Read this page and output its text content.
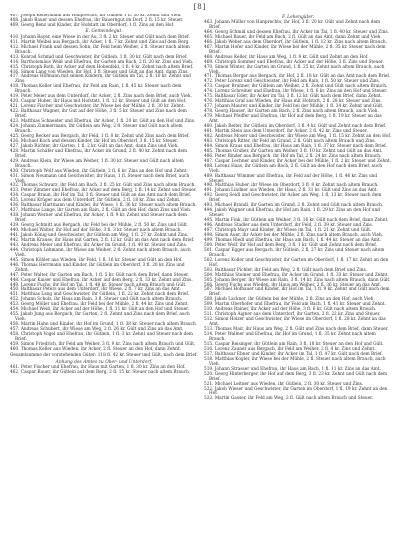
[8]

407. Joseph Kellermann aus Hanprechts, ihr Gulden 1 fl. 30 kr. Zehnt und Vieh.

408. Jakob Bauer und dessen Ehefrau, ihr Bauerngut im Dorf, 2 fl. 15 kr. Steuer.

409. Georg Benz und Kinder, ihr Hofstatt im Oberdorf, 1 fl. Zins an den Hof.

E. Gemeindegut.

410. Johann Bayer, eine Wiese in der Au, 3 fl. 2 kr. Steuer und Gült nach dem Brief.

411. Martin Weibel aus Bergach, ihr Acker, 1 fl. 7 kr. Zehnt und Zins auf dem Berg.

412. Michael Frank und dessen Sohn, ihr Feld beim Weiher, 2 fl. Steuer nach altem Brauch.

413. Konrad Schmid und Geschwister, ihr Gütlein, 1 fl. 30 kr. Gült nach dem Brief.

414. Bartholomäus Weiß und Ehefrau, ihr Garten am Bach, 2 fl. 20 kr. Zins und Vieh.

415. Christoph Roth, ihr Acker auf dem Hohenfeld, 1 fl. 4 kr. Zehnt nach altem Brief.

416. Simon Lang von Wieden, ihr Hof, 3 fl. Steuer und Gült an das Amt, dann Zins.

417. Andreas Hofmann mit seinen Kindern, ihr Gütlein im Tal, 2 fl. 10 kr. Zehnt und Zins.

418. Thomas Keller und Ehefrau, ihr Feld am Rain, 1 fl. 45 kr. Steuer nach dem Brauch.

419. Peter Meier aus dem Unterdorf, ihr Acker, 2 fl. Zins nach dem Brief, auch Vieh.

420. Caspar Huber, ihr Haus mit Hofstatt, 1 fl. 12 kr. Steuer und Gült an den Hof.

421. Lorenz Fischer und Geschwister, ihr Wiese bei der Mühle, 2 fl. 30 kr. Zehnt.

422. Balthasar Wagner, ihr Gut auf der Höhe, 3 fl. 5 kr. Steuer und Zins nach dem Brief.

423. Matthias Schneider und Ehefrau, ihr Acker, 1 fl. 20 kr. Gült an den Hof und Zins.

424. Johann Zimmermann, ihr Gütlein am Weg, 2 fl. Steuer und Gült nach altem Brauch.

425. Georg Becker aus Bergach, ihr Feld, 1 fl. 8 kr. Zehnt und Zins nach dem Brief.

426. Michael Koch und dessen Kinder, ihr Hof im Oberdorf, 3 fl. 15 kr. Steuer.

427. Jakob Richter, ihr Garten, 1 fl. 2 kr. Gült an das Amt, dann Zins und Vieh.

428. Martin Schäfer und Ehefrau, ihr Acker im Grund, 2 fl. 40 kr. Zehnt nach dem Brief.

429. Andreas Klein, ihr Wiese am Weiher, 1 fl. 30 kr. Steuer und Gült nach altem Brauch.

430. Christoph Wolf aus Wieden, ihr Gütlein, 2 fl. 6 kr. Zins an den Hof und Zehnt.

431. Simon Neumann und Geschwister, ihr Haus, 1 fl. Steuer nach dem Brief, auch Vieh.

432. Thomas Schwarz, ihr Feld am Bach, 2 fl. 25 kr. Gült und Zins nach altem Brauch.

433. Peter Zimmer und Ehefrau, ihr Acker auf dem Berg, 1 fl. 14 kr. Zehnt und Steuer.

434. Caspar Braun, ihr Hof im Tal, 3 fl. Steuer und Gült an das Amt nach dem Brief.

435. Lorenz Krüger aus dem Unterdorf, ihr Gütlein, 2 fl. 18 kr. Zins und Zehnt.

436. Balthasar Hartmann und Kinder, ihr Wiese, 1 fl. 36 kr. Steuer nach altem Brauch.

437. Matthias Lange, ihr Garten am Rain, 2 fl. Gült an den Hof, dann Zins und Vieh.

438. Johann Werner und Ehefrau, ihr Acker, 1 fl. 9 kr. Zehnt und Steuer nach dem Brief.

439. Georg Schmitt aus Bergach, ihr Feld bei der Mühle, 2 fl. 50 kr. Zins und Gült.

440. Michael Walter, ihr Hof auf der Höhe, 3 fl. 3 kr. Steuer nach altem Brauch.

441. Jakob König und Geschwister, ihr Gütlein am Weg, 1 fl. 27 kr. Zehnt und Zins.

442. Martin Krause, ihr Haus mit Garten, 2 fl. 12 kr. Gült an das Amt nach dem Brief.

443. Andreas Meier und Ehefrau, ihr Acker im Grund, 1 fl. 40 kr. Steuer und Zins.

444. Christoph Lehmann, ihr Wiese am Weiher, 2 fl. Zehnt nach altem Brauch, auch Vieh.

445. Simon Köhler aus Wieden, ihr Feld, 1 fl. 16 kr. Steuer und Gült an den Hof.

446. Thomas Herrmann und Kinder, ihr Gütlein im Oberdorf, 3 fl. 20 kr. Zins und Zehnt.

447. Peter Walter, ihr Garten am Bach, 1 fl. 5 kr. Gült nach dem Brief, dann Steuer.

448. Caspar Kaiser und Ehefrau, ihr Acker auf dem Berg, 2 fl. 33 kr. Zehnt und Zins.

449. Lorenz Fuchs, ihr Hof im Tal, 1 fl. 48 kr. Steuer nach altem Brauch und Gült.

450. Balthasar Peters aus dem Unterdorf, ihr Wiese, 2 fl. 7 kr. Zins an das Amt.

451. Matthias Lang und Geschwister, ihr Gütlein, 1 fl. 22 kr. Zehnt nach dem Brief.

452. Johann Scholz, ihr Haus am Rain, 3 fl. Steuer und Gült nach altem Brauch.

453. Georg Möller und Ehefrau, ihr Feld bei der Mühle, 2 fl. 44 kr. Zins und Zehnt.

454. Michael Weiß, ihr Acker auf der Höhe, 1 fl. 11 kr. Gült an den Hof und Steuer.

455. Jakob Jung aus Bergach, ihr Garten, 2 fl. Zehnt und Zins nach dem Brief, auch Vieh.

456. Martin Hahn und Kinder, ihr Hof im Grund, 1 fl. 38 kr. Steuer nach altem Brauch.

457. Andreas Schubert, ihr Wiese am Weg, 2 fl. 26 kr. Gült und Zins an das Amt.

458. Christoph Vogel und Ehefrau, ihr Gütlein, 1 fl. 3 kr. Zehnt und Steuer nach dem Brief.

459. Simon Friedrich, ihr Feld am Weiher, 3 fl. 9 kr. Zins nach altem Brauch und Gült.

460. Thomas Keller aus Wieden, ihr Acker, 2 fl. Steuer an den Hof, dann Zehnt.

Gesamtsumme der vorstehenden Güter: 118 fl. 42 kr. Steuer und Gült, nach dem Brief.

Anhang des Amtes zu Ober- und Unterdorf.

461. Peter Fischer und Ehefrau, ihr Haus mit Garten, 1 fl. 30 kr. Zins an den Hof.

462. Caspar Bauer, ihr Gütlein auf dem Berg, 2 fl. 15 kr. Steuer nach altem Brauch.

F. Lehengüter.

463. Johann Müller von Hanprechts, ihr Hof, 3 fl. 20 kr. Gült und Zehnt nach dem Brief.

464. Georg Schmid und dessen Ehefrau, ihr Acker im Tal, 1 fl. 40 kr. Steuer und Zins.

465. Michael Bauer, ihr Feld am Bach, 2 fl. Gült an das Amt, dann Zehnt und Vieh.

466. Jakob Weber aus dem Oberdorf, ihr Gütlein, 1 fl. 12 kr. Zins nach altem Brauch.

467. Martin Hofer und Kinder, ihr Wiese bei der Mühle, 2 fl. 35 kr. Steuer nach dem Brief.

468. Andreas Keller, ihr Haus am Weg, 1 fl. 8 kr. Gült und Zehnt an den Hof.

469. Christoph Sommer und Ehefrau, ihr Acker auf der Höhe, 3 fl. Zins und Steuer.

470. Simon Winter, ihr Garten im Grund, 1 fl. 25 kr. Zehnt nach altem Brauch, auch Vieh.

471. Thomas Berger aus Bergach, ihr Hof, 2 fl. 18 kr. Gült an das Amt nach dem Brief.

472. Peter Lorenz und Geschwister, ihr Feld am Rain, 1 fl. 50 kr. Steuer und Zins.

473. Caspar Brunner, ihr Gütlein am Weiher, 2 fl. Zehnt und Gült nach altem Brauch.

474. Lorenz Schreiner und Ehefrau, ihr Wiese, 1 fl. 6 kr. Zins an den Hof und Steuer.

475. Balthasar Eder, ihr Acker im Tal, 3 fl. 12 kr. Gült nach dem Brief, dann Zehnt.

476. Matthias Graf aus Wieden, ihr Haus mit Hofstatt, 2 fl. 28 kr. Steuer und Zins.

477. Johann Maurer und Kinder, ihr Feld bei der Mühle, 1 fl. 34 kr. Zehnt und Gült.

478. Georg Hauser, ihr Garten am Bach, 2 fl. Zins nach altem Brauch, auch Vieh.

479. Michael Pfeiffer und Ehefrau, ihr Hof auf dem Berg, 1 fl. 19 kr. Steuer an das Amt.

480. Jakob Reiter, ihr Gütlein im Oberdorf, 3 fl. 4 kr. Gült und Zehnt nach dem Brief.

481. Martin Stein aus dem Unterdorf, ihr Acker, 2 fl. 42 kr. Zins und Steuer.

482. Andreas Moser und Geschwister, ihr Wiese am Weg, 1 fl. 15 kr. Zehnt an den Hof.

483. Christoph Ritter, ihr Feld im Grund, 2 fl. Gült nach altem Brauch und Zins.

484. Simon Kraus und Ehefrau, ihr Haus am Rain, 1 fl. 37 kr. Steuer nach dem Brief.

485. Thomas Gruber, ihr Garten am Weiher, 3 fl. 10 kr. Zehnt und Gült an das Amt.

486. Peter Binder aus Bergach, ihr Hof im Tal, 2 fl. 24 kr. Zins nach altem Brauch.

487. Caspar Lechner und Kinder, ihr Acker bei der Mühle, 1 fl. 2 kr. Steuer und Zehnt.

488. Lorenz Haas, ihr Gütlein am Bach, 2 fl. Gült an den Hof nach dem Brief, auch Vieh.

489. Balthasar Wimmer und Ehefrau, ihr Feld auf der Höhe, 1 fl. 46 kr. Zins und Steuer.

490. Matthias Huber, ihr Wiese im Oberdorf, 3 fl. 8 kr. Zehnt nach altem Brauch.

491. Johann Lindner aus Wieden, ihr Haus, 2 fl. 31 kr. Gült und Zins an das Amt.

492. Georg Seidl und Geschwister, ihr Acker am Weg, 1 fl. 13 kr. Steuer nach dem Brief.

493. Michael Brandl, ihr Garten im Grund, 2 fl. Zehnt und Gült nach altem Brauch.

494. Jakob Wagner und Ehefrau, ihr Hof am Rain, 1 fl. 29 kr. Zins an den Hof und Steuer.

495. Martin Fink, ihr Gütlein am Weiher, 3 fl. 16 kr. Gült nach dem Brief, dann Zehnt.

496. Andreas Stadler aus dem Unterdorf, ihr Feld, 2 fl. 39 kr. Steuer und Zins.

497. Christoph Mayr und Kinder, ihr Wiese im Tal, 1 fl. 21 kr. Zehnt und Gült.

498. Simon Auer, ihr Acker bei der Mühle, 2 fl. Zins nach altem Brauch, auch Vieh.

499. Thomas Riedl und Ehefrau, ihr Haus am Bach, 1 fl. 44 kr. Steuer an das Amt.

500. Peter Wolf, ihr Hof auf dem Berg, 3 fl. 1 kr. Gült und Zehnt nach dem Brief.

501. Caspar Egger aus Bergach, ihr Gütlein, 2 fl. 27 kr. Zins und Steuer nach altem Brauch.

502. Lorenz Koller und Geschwister, ihr Garten im Oberdorf, 1 fl. 17 kr. Zehnt an den Hof.

503. Balthasar Pichler, ihr Feld am Weg, 2 fl. Gült nach dem Brief und Zins.

504. Matthias Steiner und Ehefrau, ihr Acker im Grund, 1 fl. 33 kr. Steuer und Zehnt.

505. Johann Berger, ihr Wiese am Rain, 3 fl. 14 kr. Zins nach altem Brauch, dann Gült.

506. Georg Fuchs aus Wieden, ihr Haus am Weiher, 2 fl. 36 kr. Steuer an das Amt.

507. Michael Hofbauer und Kinder, ihr Hof im Tal, 1 fl. 9 kr. Zehnt und Gült nach dem Brief.

508. Jakob Lackner, ihr Gütlein bei der Mühle, 2 fl. Zins an den Hof, auch Vieh.

509. Martin Oberhofer und Ehefrau, ihr Feld am Bach, 1 fl. 41 kr. Steuer und Zehnt.

510. Andreas Rainer, ihr Acker auf der Höhe, 3 fl. 6 kr. Gült nach altem Brauch.

511. Christoph Aigner aus dem Unterdorf, ihr Garten, 2 fl. 22 kr. Zins und Steuer.

512. Simon Holzer und Geschwister, ihr Wiese im Oberdorf, 1 fl. 28 kr. Zehnt an das Amt.

513. Thomas Mair, ihr Haus am Weg, 2 fl. Gült und Zins nach dem Brief, dann Steuer.

514. Peter Wallner und Ehefrau, ihr Hof im Grund, 1 fl. 35 kr. Zehnt nach altem Brauch.

515. Caspar Reisinger, ihr Gütlein am Rain, 3 fl. 18 kr. Steuer an den Hof und Gült.

516. Lorenz Zauner aus Bergach, ihr Feld am Weiher, 2 fl. 4 kr. Zins und Zehnt.

517. Balthasar Ebner und Kinder, ihr Acker im Tal, 1 fl. 47 kr. Gült nach dem Brief.

518. Matthias Kogler, ihr Wiese bei der Mühle, 2 fl. Steuer nach altem Brauch, auch Vieh.

519. Johann Strasser und Ehefrau, ihr Haus am Bach, 1 fl. 11 kr. Zins an das Amt.

520. Georg Hinterberger, ihr Hof auf dem Berg, 3 fl. 23 kr. Zehnt und Gült nach dem Brief.

521. Michael Leitner aus Wieden, ihr Gütlein, 2 fl. 30 kr. Steuer und Zins.

522. Jakob Wieser und Geschwister, ihr Garten im Oberdorf, 1 fl. 19 kr. Zehnt an den Hof.

523. Martin Gasser, ihr Feld am Weg, 2 fl. Gült nach altem Brauch und Steuer.
